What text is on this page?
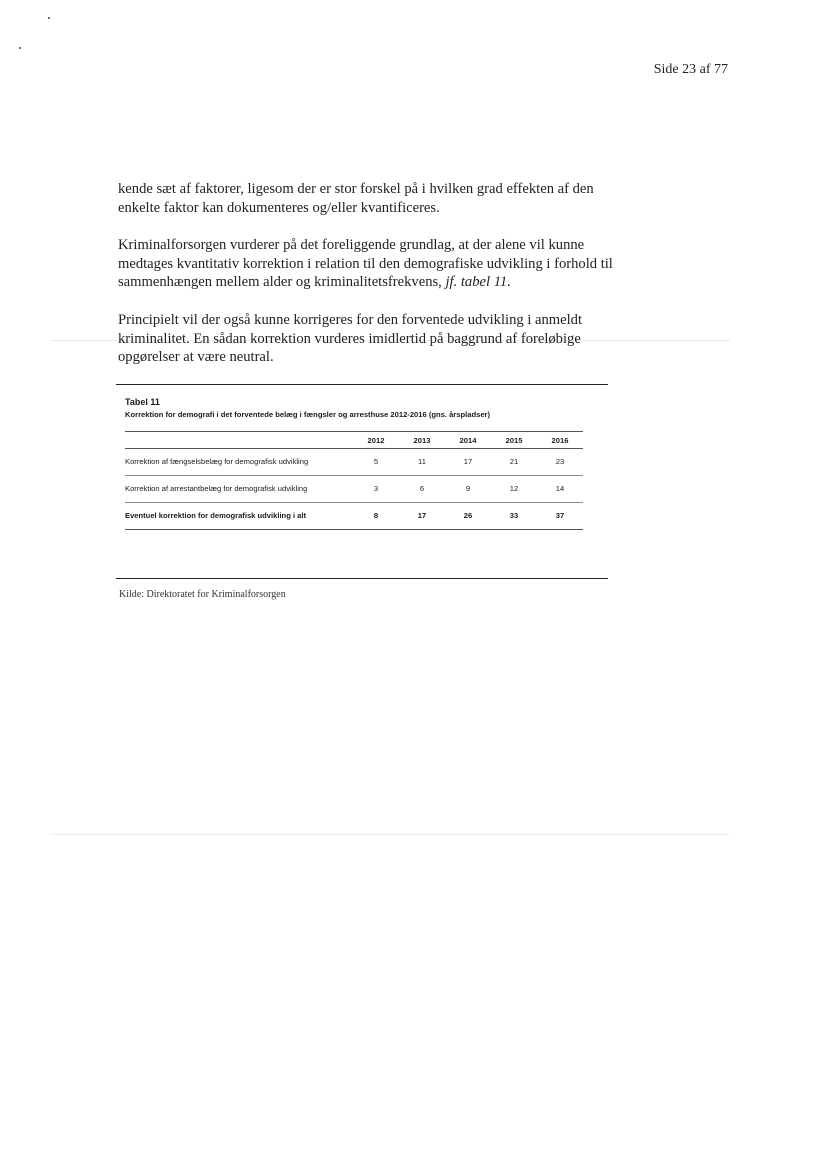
Side 23 af 77

kende sæt af faktorer, ligesom der er stor forskel på i hvilken grad effekten af den enkelte faktor kan dokumenteres og/eller kvantificeres.

Kriminalforsorgen vurderer på det foreliggende grundlag, at der alene vil kunne medtages kvantitativ korrektion i relation til den demografiske udvikling i forhold til sammenhængen mellem alder og kriminalitetsfrekvens, jf. tabel 11.

Principielt vil der også kunne korrigeres for den forventede udvikling i anmeldt kriminalitet. En sådan korrektion vurderes imidlertid på baggrund af foreløbige opgørelser at være neutral.

Tabel 11

Korrektion for demografi i det forventede belæg i fængsler og arresthuse 2012-2016 (gns. årspladser)

	2012	2013	2014	2015	2016
Korrektion af fængselsbelæg for demografisk udvikling	5	11	17	21	23
Korrektion af arrestantbelæg for demografisk udvikling	3	6	9	12	14
Eventuel korrektion for demografisk udvikling i alt	8	17	26	33	37
Kilde: Direktoratet for Kriminalforsorgen
